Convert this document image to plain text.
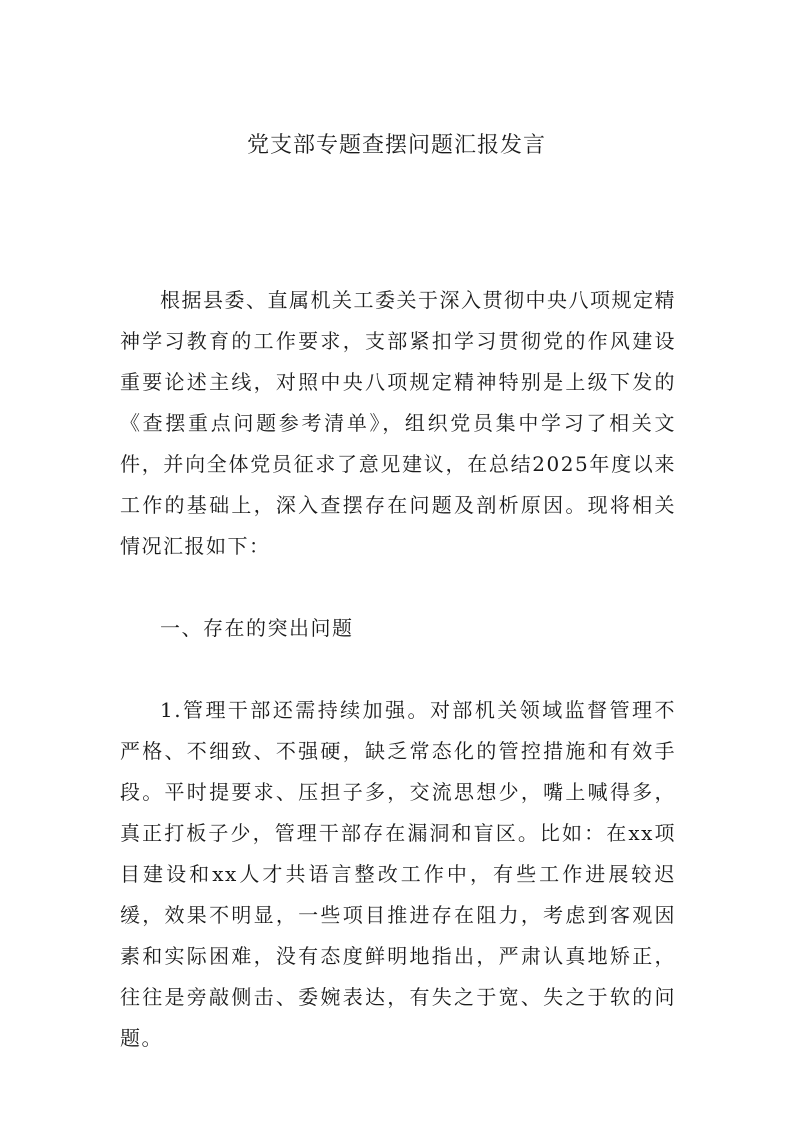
党支部专题查摆问题汇报发言

根据县委、直属机关工委关于深入贯彻中央八项规定精神学习教育的工作要求，支部紧扣学习贯彻党的作风建设重要论述主线，对照中央八项规定精神特别是上级下发的《查摆重点问题参考清单》，组织党员集中学习了相关文件，并向全体党员征求了意见建议，在总结2025年度以来工作的基础上，深入查摆存在问题及剖析原因。现将相关情况汇报如下：

一、存在的突出问题

1.管理干部还需持续加强。对部机关领域监督管理不严格、不细致、不强硬，缺乏常态化的管控措施和有效手段。平时提要求、压担子多，交流思想少，嘴上喊得多，真正打板子少，管理干部存在漏洞和盲区。比如：在xx项目建设和xx人才共语言整改工作中，有些工作进展较迟缓，效果不明显，一些项目推进存在阻力，考虑到客观因素和实际困难，没有态度鲜明地指出，严肃认真地矫正，往往是旁敲侧击、委婉表达，有失之于宽、失之于软的问题。
